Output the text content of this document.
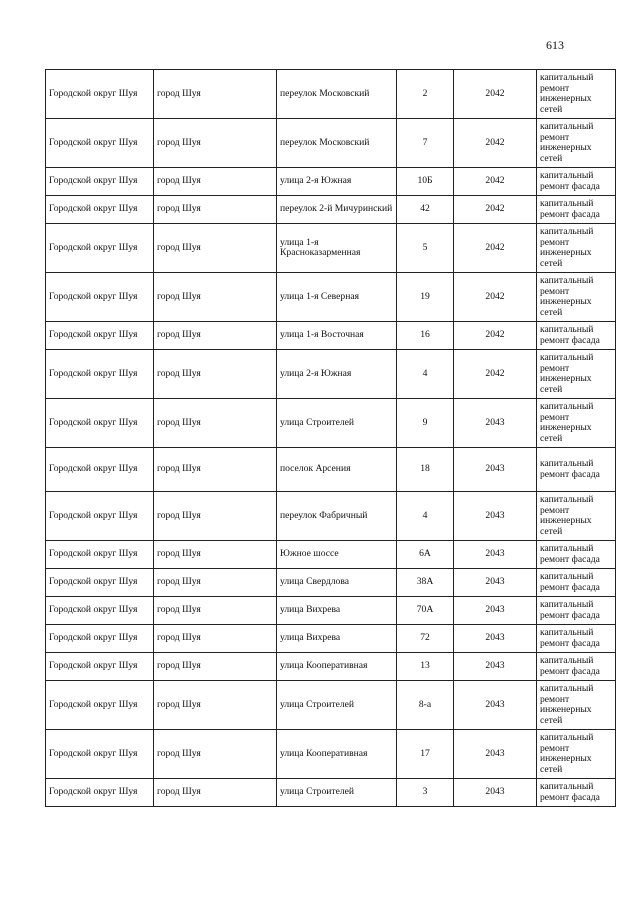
613
Городской округ Шуя	город Шуя	переулок Московский	2	2042	капитальный ремонт инженерных сетей
Городской округ Шуя	город Шуя	переулок Московский	7	2042	капитальный ремонт инженерных сетей
Городской округ Шуя	город Шуя	улица 2-я Южная	10Б	2042	капитальный ремонт фасада
Городской округ Шуя	город Шуя	переулок 2-й Мичуринский	42	2042	капитальный ремонт фасада
Городской округ Шуя	город Шуя	улица 1-я Красноказарменная	5	2042	капитальный ремонт инженерных сетей
Городской округ Шуя	город Шуя	улица 1-я Северная	19	2042	капитальный ремонт инженерных сетей
Городской округ Шуя	город Шуя	улица 1-я Восточная	16	2042	капитальный ремонт фасада
Городской округ Шуя	город Шуя	улица 2-я Южная	4	2042	капитальный ремонт инженерных сетей
Городской округ Шуя	город Шуя	улица Строителей	9	2043	капитальный ремонт инженерных сетей
Городской округ Шуя	город Шуя	поселок Арсения	18	2043	капитальный ремонт фасада
Городской округ Шуя	город Шуя	переулок Фабричный	4	2043	капитальный ремонт инженерных сетей
Городской округ Шуя	город Шуя	Южное шоссе	6А	2043	капитальный ремонт фасада
Городской округ Шуя	город Шуя	улица Свердлова	38А	2043	капитальный ремонт фасада
Городской округ Шуя	город Шуя	улица Вихрева	70А	2043	капитальный ремонт фасада
Городской округ Шуя	город Шуя	улица Вихрева	72	2043	капитальный ремонт фасада
Городской округ Шуя	город Шуя	улица Кооперативная	13	2043	капитальный ремонт фасада
Городской округ Шуя	город Шуя	улица Строителей	8-а	2043	капитальный ремонт инженерных сетей
Городской округ Шуя	город Шуя	улица Кооперативная	17	2043	капитальный ремонт инженерных сетей
Городской округ Шуя	город Шуя	улица Строителей	3	2043	капитальный ремонт фасада
